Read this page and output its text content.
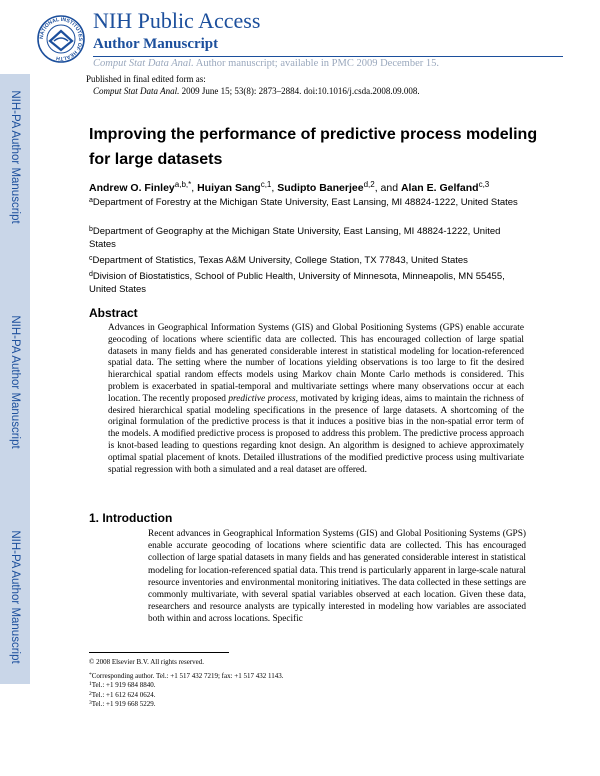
NATIONAL INSTITUTES OF HEALTH
NIH Public Access
Author Manuscript
Comput Stat Data Anal. Author manuscript; available in PMC 2009 December 15.
NIH-PA Author Manuscript
NIH-PA Author Manuscript
NIH-PA Author Manuscript
Published in final edited form as:
Comput Stat Data Anal. 2009 June 15; 53(8): 2873–2884. doi:10.1016/j.csda.2008.09.008.
Improving the performance of predictive process modeling for large datasets
Andrew O. Finley$^{a,b,*}$, Huiyan Sang$^{c,1}$, Sudipto Banerjee$^{d,2}$, and Alan E. Gelfand$^{c,3}$
$^a$Department of Forestry at the Michigan State University, East Lansing, MI 48824-1222, United States
$^b$Department of Geography at the Michigan State University, East Lansing, MI 48824-1222, United States
$^c$Department of Statistics, Texas A&M University, College Station, TX 77843, United States
$^d$Division of Biostatistics, School of Public Health, University of Minnesota, Minneapolis, MN 55455, United States
Abstract
Advances in Geographical Information Systems (GIS) and Global Positioning Systems (GPS) enable accurate geocoding of locations where scientific data are collected. This has encouraged collection of large spatial datasets in many fields and has generated considerable interest in statistical modeling for location-referenced spatial data. The setting where the number of locations yielding observations is too large to fit the desired hierarchical spatial random effects models using Markov chain Monte Carlo methods is considered. This problem is exacerbated in spatial-temporal and multivariate settings where many observations occur at each location. The recently proposed predictive process, motivated by kriging ideas, aims to maintain the richness of desired hierarchical spatial modeling specifications in the presence of large datasets. A shortcoming of the original formulation of the predictive process is that it induces a positive bias in the non-spatial error term of the models. A modified predictive process is proposed to address this problem. The predictive process approach is knot-based leading to questions regarding knot design. An algorithm is designed to achieve approximately optimal spatial placement of knots. Detailed illustrations of the modified predictive process using multivariate spatial regression with both a simulated and a real dataset are offered.
1. Introduction
Recent advances in Geographical Information Systems (GIS) and Global Positioning Systems (GPS) enable accurate geocoding of locations where scientific data are collected. This has encouraged collection of large spatial datasets in many fields and has generated considerable interest in statistical modeling for location-referenced spatial data. This trend is particularly apparent in large-scale natural resource inventories and environmental monitoring initiatives. The data collected in these settings are commonly multivariate, with several spatial variables observed at each location. Given these data, researchers and resource analysts are typically interested in modeling how variables are associated both within and across locations. Specific
© 2008 Elsevier B.V. All rights reserved.
*Corresponding author. Tel.: +1 517 432 7219; fax: +1 517 432 1143.
$^1$Tel.: +1 919 684 8840.
$^2$Tel.: +1 612 624 0624.
$^3$Tel.: +1 919 668 5229.
